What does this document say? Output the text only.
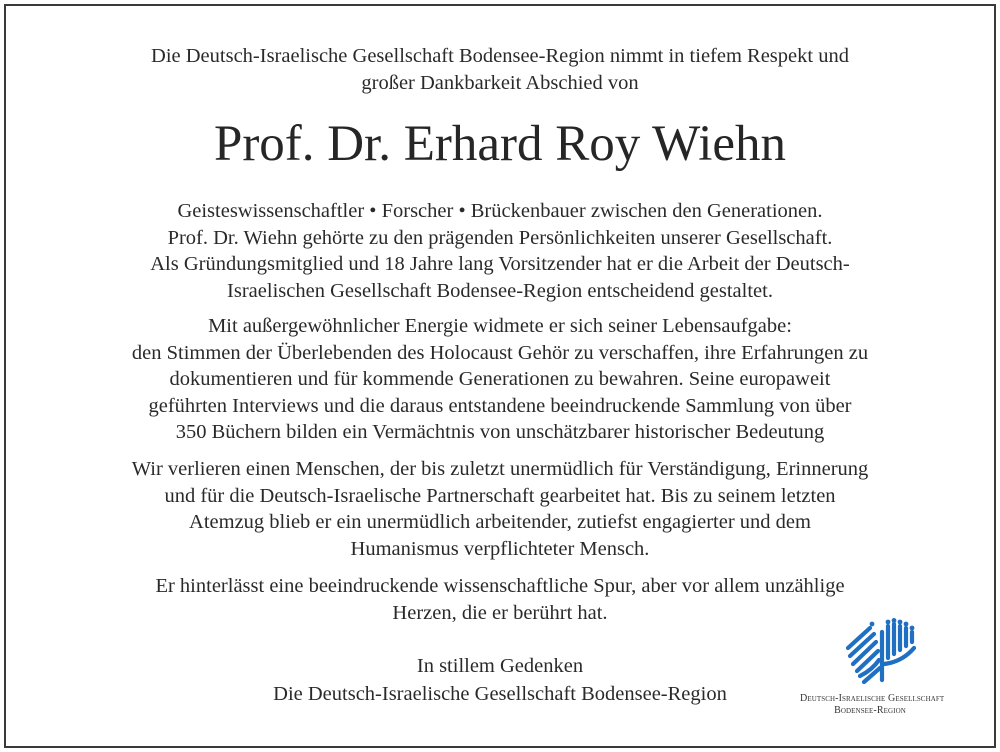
Die Deutsch-Israelische Gesellschaft Bodensee-Region nimmt in tiefem Respekt und
großer Dankbarkeit Abschied von
Prof. Dr. Erhard Roy Wiehn
Geisteswissenschaftler • Forscher • Brückenbauer zwischen den Generationen.
Prof. Dr. Wiehn gehörte zu den prägenden Persönlichkeiten unserer Gesellschaft.
Als Gründungsmitglied und 18 Jahre lang Vorsitzender hat er die Arbeit der Deutsch-
Israelischen Gesellschaft Bodensee-Region entscheidend gestaltet.
Mit außergewöhnlicher Energie widmete er sich seiner Lebensaufgabe:
den Stimmen der Überlebenden des Holocaust Gehör zu verschaffen, ihre Erfahrungen zu
dokumentieren und für kommende Generationen zu bewahren. Seine europaweit
geführten Interviews und die daraus entstandene beeindruckende Sammlung von über
350 Büchern bilden ein Vermächtnis von unschätzbarer historischer Bedeutung
Wir verlieren einen Menschen, der bis zuletzt unermüdlich für Verständigung, Erinnerung
und für die Deutsch-Israelische Partnerschaft gearbeitet hat. Bis zu seinem letzten
Atemzug blieb er ein unermüdlich arbeitender, zutiefst engagierter und dem
Humanismus verpflichteter Mensch.
Er hinterlässt eine beeindruckende wissenschaftliche Spur, aber vor allem unzählige
Herzen, die er berührt hat.
In stillem Gedenken
Die Deutsch-Israelische Gesellschaft Bodensee-Region	Deutsch-Israelische Gesellschaft
Bodensee-Region
